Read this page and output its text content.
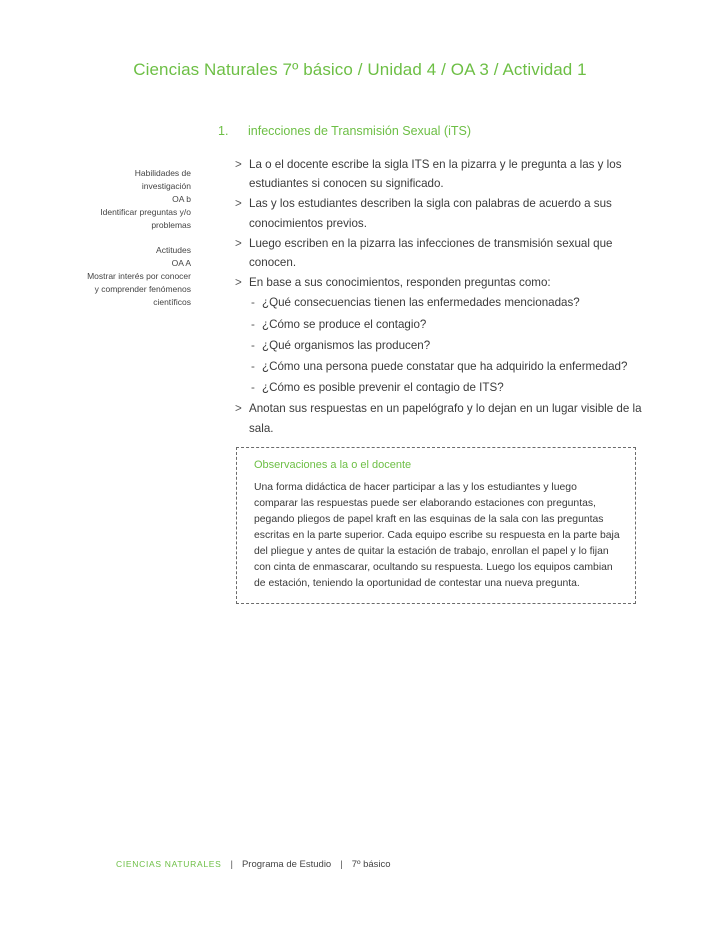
Ciencias Naturales 7º básico / Unidad 4 / OA 3 / Actividad 1
1. infecciones de Transmisión Sexual (iTS)
Habilidades de
investigación
OA b
Identificar preguntas y/o
problemas
Actitudes
OA A
Mostrar interés por conocer
y comprender fenómenos
científicos
> La o el docente escribe la sigla ITS en la pizarra y le pregunta a las y los estudiantes si conocen su significado.
> Las y los estudiantes describen la sigla con palabras de acuerdo a sus conocimientos previos.
> Luego escriben en la pizarra las infecciones de transmisión sexual que conocen.
> En base a sus conocimientos, responden preguntas como:
- ¿Qué consecuencias tienen las enfermedades mencionadas?
- ¿Cómo se produce el contagio?
- ¿Qué organismos las producen?
- ¿Cómo una persona puede constatar que ha adquirido la enfermedad?
- ¿Cómo es posible prevenir el contagio de ITS?
> Anotan sus respuestas en un papelógrafo y lo dejan en un lugar visible de la sala.
Observaciones a la o el docente
Una forma didáctica de hacer participar a las y los estudiantes y luego comparar las respuestas puede ser elaborando estaciones con preguntas, pegando pliegos de papel kraft en las esquinas de la sala con las preguntas escritas en la parte superior. Cada equipo escribe su respuesta en la parte baja del pliegue y antes de quitar la estación de trabajo, enrollan el papel y lo fijan con cinta de enmascarar, ocultando su respuesta. Luego los equipos cambian de estación, teniendo la oportunidad de contestar una nueva pregunta.
CIENCIAS NATURALES | Programa de Estudio | 7º básico
